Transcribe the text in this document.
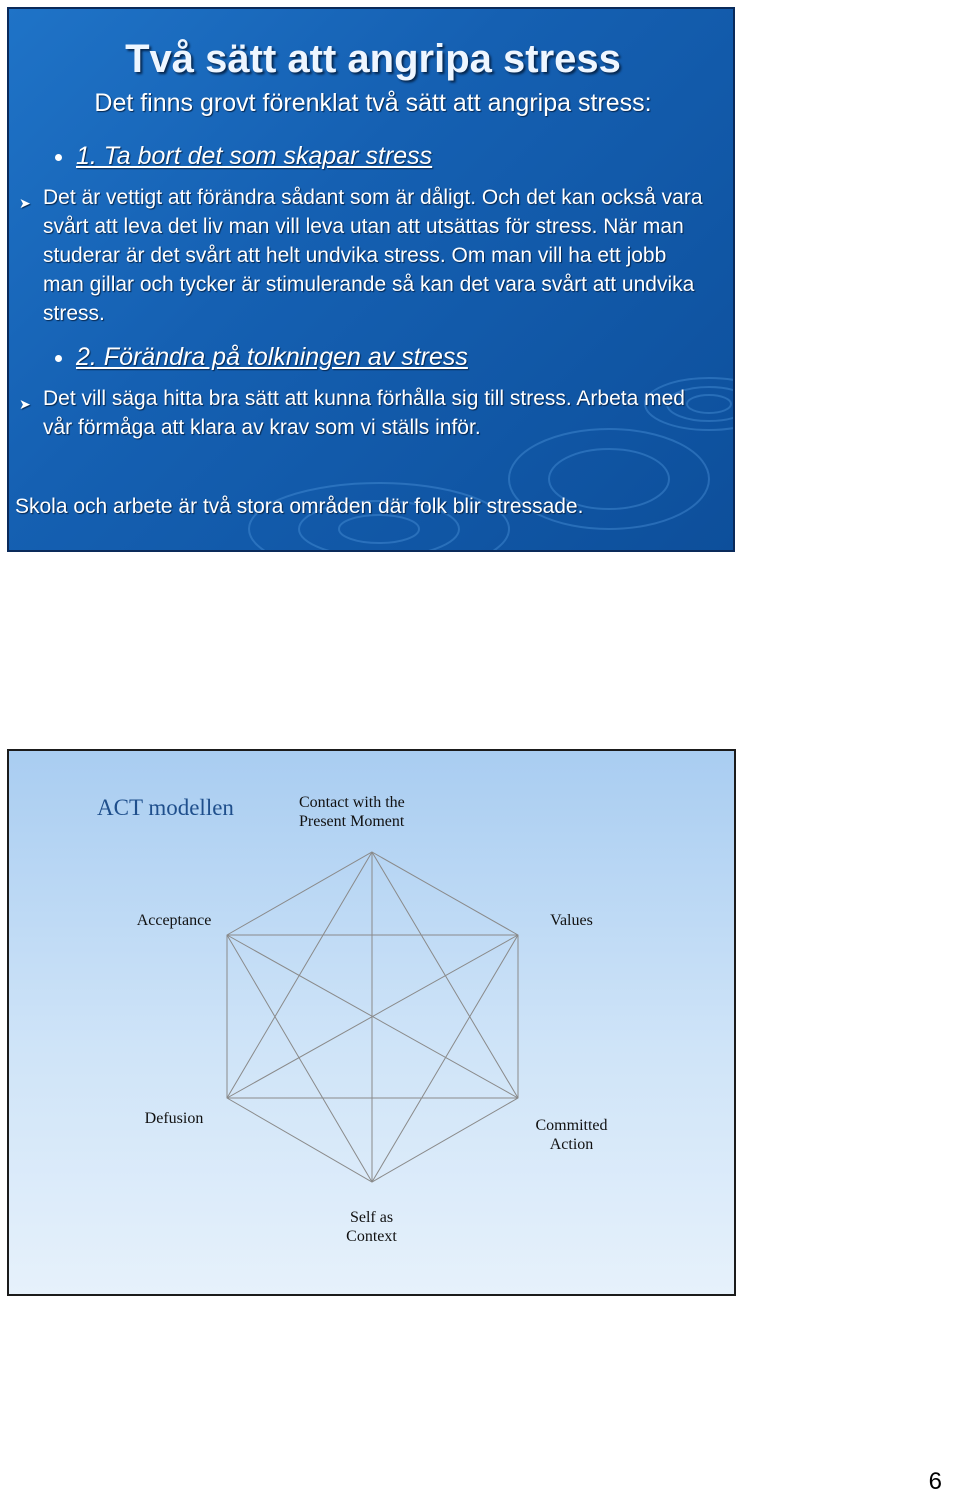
Två sätt att angripa stress
Det finns grovt förenklat två sätt att angripa stress:
1. Ta bort det som skapar stress
➤ Det är vettigt att förändra sådant som är dåligt. Och det kan också vara svårt att leva det liv man vill leva utan att utsättas för stress. När man studerar är det svårt att helt undvika stress. Om man vill ha ett jobb man gillar och tycker är stimulerande så kan det vara svårt att undvika stress.
2. Förändra på tolkningen av stress
➤ Det vill säga hitta bra sätt att kunna förhålla sig till stress. Arbeta med vår förmåga att klara av krav som vi ställs inför.
Skola och arbete är två stora områden där folk blir stressade.
ACT modellen	Contact with the Present Moment
Acceptance	Values
Defusion	Committed Action
Self as Context
6
